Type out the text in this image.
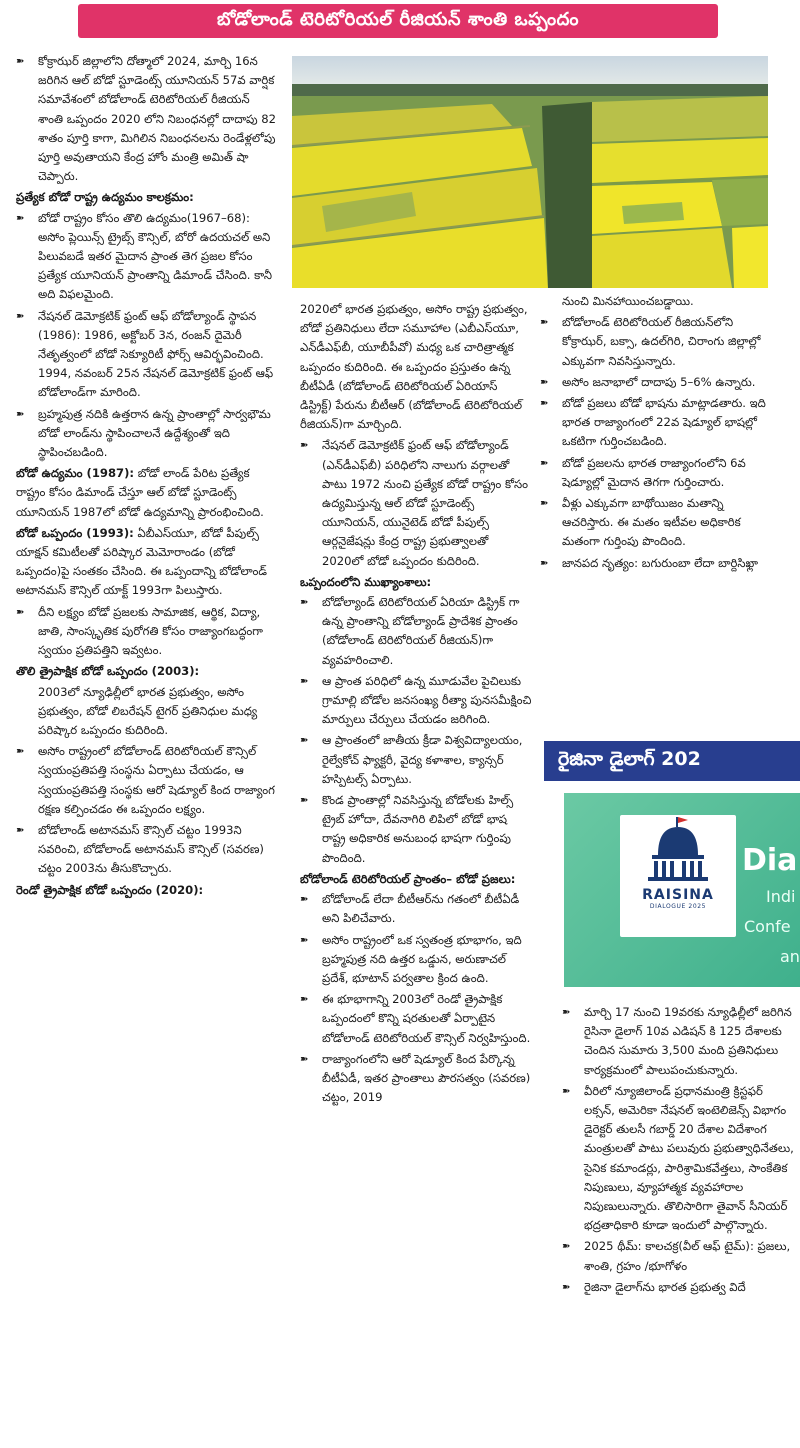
బోడోలాండ్ టెరిటోరియల్ రీజియన్ శాంతి ఒప్పందం
➽	కోక్రాఝర్ జిల్లాలోని దోత్మాలో 2024, మార్చి 16న జరిగిన ఆల్ బోడో స్టూడెంట్స్ యూనియన్ 57వ వార్షిక సమావేశంలో బోడోలాండ్ టెరిటోరియల్ రీజియన్ శాంతి ఒప్పందం 2020 లోని నిబంధనల్లో దాదాపు 82 శాతం పూర్తి కాగా, మిగిలిన నిబంధనలను రెండేళ్లలోపు పూర్తి అవుతాయని కేంద్ర హోం మంత్రి అమిత్ షా చెప్పారు.
ప్రత్యేక బోడో రాష్ట్ర ఉద్యమం కాలక్రమం:
➽	బోడో రాష్ట్రం కోసం తొలి ఉద్యమం(1967–68): అసోం ప్లెయిన్స్ ట్రైబ్స్ కౌన్సిల్, బోరో ఉదయచల్ అని పిలువబడే ఇతర మైదాన ప్రాంత తెగ ప్రజల కోసం ప్రత్యేక యూనియన్ ప్రాంతాన్ని డిమాండ్ చేసింది. కానీ అది విఫలమైంది.
➽	నేషనల్ డెమోక్రటిక్ ఫ్రంట్ ఆఫ్ బోడోల్యాండ్ స్థాపన (1986): 1986, అక్టోబర్ 3న, రంజన్ దైమెరీ నేతృత్వంలో బోడో సెక్యూరిటీ ఫోర్స్ ఆవిర్భవించింది. 1994, నవంబర్ 25న నేషనల్ డెమోక్రటిక్ ఫ్రంట్ ఆఫ్ బోడోలాండ్‌గా మారింది.
➽	బ్రహ్మపుత్ర నదికి ఉత్తరాన ఉన్న ప్రాంతాల్లో సార్వభౌమ బోడో లాండ్‌ను స్థాపించాలనే ఉద్దేశ్యంతో ఇది స్థాపించబడింది.
బోడో ఉద్యమం (1987): బోడో లాండ్ పేరిట ప్రత్యేక రాష్ట్రం కోసం డిమాండ్ చేస్తూ ఆల్ బోడో స్టూడెంట్స్ యూనియన్ 1987లో బోడో ఉద్యమాన్ని ప్రారంభించింది.
బోడో ఒప్పందం (1993): ఏబీఎస్‌యూ, బోడో పీపుల్స్ యాక్షన్ కమిటీలతో పరిష్కార మెమోరాండం (బోడో ఒప్పందం)పై సంతకం చేసింది. ఈ ఒప్పందాన్ని బోడోలాండ్ అటానమస్ కౌన్సిల్ యాక్ట్ 1993గా పిలుస్తారు.
➽	దీని లక్ష్యం బోడో ప్రజలకు సామాజిక, ఆర్థిక, విద్యా, జాతి, సాంస్కృతిక పురోగతి కోసం రాజ్యాంగబద్ధంగా స్వయం ప్రతిపత్తిని ఇవ్వటం.
తొలి త్రైపాక్షిక బోడో ఒప్పందం (2003):
2003లో న్యూఢిల్లీలో భారత ప్రభుత్వం, అసోం ప్రభుత్వం, బోడో లిబరేషన్ టైగర్ ప్రతినిధుల మధ్య పరిష్కార ఒప్పందం కుదిరింది.
➽	అసోం రాష్ట్రంలో బోడోలాండ్ టెరిటోరియల్ కౌన్సిల్ స్వయంప్రతిపత్తి సంస్థను ఏర్పాటు చేయడం, ఆ స్వయంప్రతిపత్తి సంస్థకు ఆరో షెడ్యూల్ కింద రాజ్యాంగ రక్షణ కల్పించడం ఈ ఒప్పందం లక్ష్యం.
➽	బోడోలాండ్ అటానమస్ కౌన్సిల్ చట్టం 1993ని సవరించి, బోడోలాండ్ అటానమస్ కౌన్సిల్ (సవరణ) చట్టం 2003ను తీసుకొచ్చారు.
రెండో త్రైపాక్షిక బోడో ఒప్పందం (2020):
2020లో భారత ప్రభుత్వం, అసోం రాష్ట్ర ప్రభుత్వం, బోడో ప్రతినిధులు లేదా సమూహాల (ఎబీఎస్‌యూ, ఎన్‌డీఎఫ్‌బీ, యూబీపీవో) మధ్య ఒక చారిత్రాత్మక ఒప్పందం కుదిరింది. ఈ ఒప్పందం ప్రస్తుతం ఉన్న బీటీఏడీ (బోడోలాండ్ టెరిటోరియల్ ఏరియాస్ డిస్ట్రిక్ట్) పేరును బీటీఆర్ (బోడోలాండ్ టెరిటోరియల్ రీజియన్)గా మార్చింది.
➽	నేషనల్ డెమోక్రటిక్ ఫ్రంట్ ఆఫ్ బోడోల్యాండ్ (ఎన్‌డీఎఫ్‌బీ) పరిధిలోని నాలుగు వర్గాలతో పాటు 1972 నుంచి ప్రత్యేక బోడో రాష్ట్రం కోసం ఉద్యమిస్తున్న ఆల్ బోడో స్టూడెంట్స్ యూనియన్, యునైటెడ్ బోడో పీపుల్స్ ఆర్గనైజేషన్లు కేంద్ర రాష్ట్ర ప్రభుత్వాలతో 2020లో బోడో ఒప్పందం కుదిరింది.
ఒప్పందంలోని ముఖ్యాంశాలు:
➽	బోడోల్యాండ్ టెరిటోరియల్ ఏరియా డిస్ట్రిక్ గా ఉన్న ప్రాంతాన్ని బోడోల్యాండ్ ప్రాదేశిక ప్రాంతం (బోడోలాండ్ టెరిటోరియల్ రీజియన్)గా వ్యవహరించాలి.
➽	ఆ ప్రాంత పరిధిలో ఉన్న మూడువేల పైచిలుకు గ్రామాల్లి బోడోల జనసంఖ్య రీత్యా పునసమీక్షించి మార్పులు చేర్పులు చేయడం జరిగింది.
➽	ఆ ప్రాంతంలో జాతీయ క్రీడా విశ్వవిద్యాలయం, రైల్వేకోచ్ ఫ్యాక్టరీ, వైద్య కళాశాల, క్యాన్సర్ హస్పిటల్స్ ఏర్పాటు.
➽	కొండ ప్రాంతాల్లో నివసిస్తున్న బోడోలకు హిల్స్ ట్రైబ్ హోదా, దేవనాగిరి లిపిలో బోడో భాష రాష్ట్ర అధికారిక అనుబంధ భాషగా గుర్తింపు పొందింది.
బోడోలాండ్ టెరిటోరియల్ ప్రాంతం– బోడో ప్రజలు:
➽	బోడోలాండ్ లేదా బీటీఆర్‌ను గతంలో బీటీఏడీ అని పిలిచేవారు.
➽	అసోం రాష్ట్రంలో ఒక స్వతంత్ర భూభాగం, ఇది బ్రహ్మపుత్ర నది ఉత్తర ఒడ్డున, అరుణాచల్ ప్రదేశ్, భూటాన్ పర్వతాల క్రింద ఉంది.
➽	ఈ భూభాగాన్ని 2003లో రెండో త్రైపాక్షిక ఒప్పందంలో కొన్ని షరతులతో ఏర్పాటైన బోడోలాండ్ టెరిటోరియల్ కౌన్సిల్ నిర్వహిస్తుంది.
➽	రాజ్యాంగంలోని ఆరో షెడ్యూల్ కింద పేర్కొన్న బీటీఏడీ, ఇతర ప్రాంతాలు పౌరసత్వం (సవరణ) చట్టం, 2019
నుంచి మినహాయించబడ్డాయి.
➽	బోడోలాండ్ టెరిటోరియల్ రీజియన్‌లోని కోక్రాఝర్, బక్సా, ఉదల్‌గిరి, చిరాంగు జిల్లాల్లో ఎక్కువగా నివసిస్తున్నారు.
➽	అసోం జనాభాలో దాదాపు 5–6% ఉన్నారు.
➽	బోడో ప్రజలు బోడో భాషను మాట్లాడతారు. ఇది భారత రాజ్యాంగంలో 22వ షెడ్యూల్ భాషల్లో ఒకటిగా గుర్తించబడింది.
➽	బోడో ప్రజలను భారత రాజ్యాంగంలోని 6వ షెడ్యూల్లో మైదాన తెగగా గుర్తించారు.
➽	వీళ్లు ఎక్కువగా బాథోయిజం మతాన్ని ఆచరిస్తారు. ఈ మతం ఇటీవల అధికారిక మతంగా గుర్తింపు పొందింది.
➽	జానపద నృత్యం: బగురుంబా లేదా బార్దిసిఖ్లా
రైజినా డైలాగ్ 202
RAISINA
DIALOGUE 2025
Dia
Indi
Confe
an
➽	మార్చి 17 నుంచి 19వరకు న్యూఢిల్లీలో జరిగిన రైసినా డైలాగ్ 10వ ఎడిషన్ కి 125 దేశాలకు చెందిన సుమారు 3,500 మంది ప్రతినిధులు కార్యక్రమంలో పాలుపంచుకున్నారు.
➽	వీరిలో న్యూజిలాండ్ ప్రధానమంత్రి క్రిస్టఫర్ లక్సన్, అమెరికా నేషనల్ ఇంటెలిజెన్స్ విభాగం డైరెక్టర్ తులసీ గబార్డ్ 20 దేశాల విదేశాంగ మంత్రులతో పాటు పలువురు ప్రభుత్వాధినేతలు, సైనిక కమాండర్లు, పారిశ్రామికవేత్తలు, సాంకేతిక నిపుణులు, వ్యూహాత్మక వ్యవహారాల నిపుణులున్నారు. తొలిసారిగా తైవాన్ సీనియర్ భద్రతాధికారి కూడా ఇందులో పాల్గొన్నారు.
➽	2025 థీమ్: కాలచక్ర(వీల్ ఆఫ్ టైమ్): ప్రజలు, శాంతి, గ్రహం /భూగోళం
➽	రైజినా డైలాగ్‌ను భారత ప్రభుత్వ విదే
